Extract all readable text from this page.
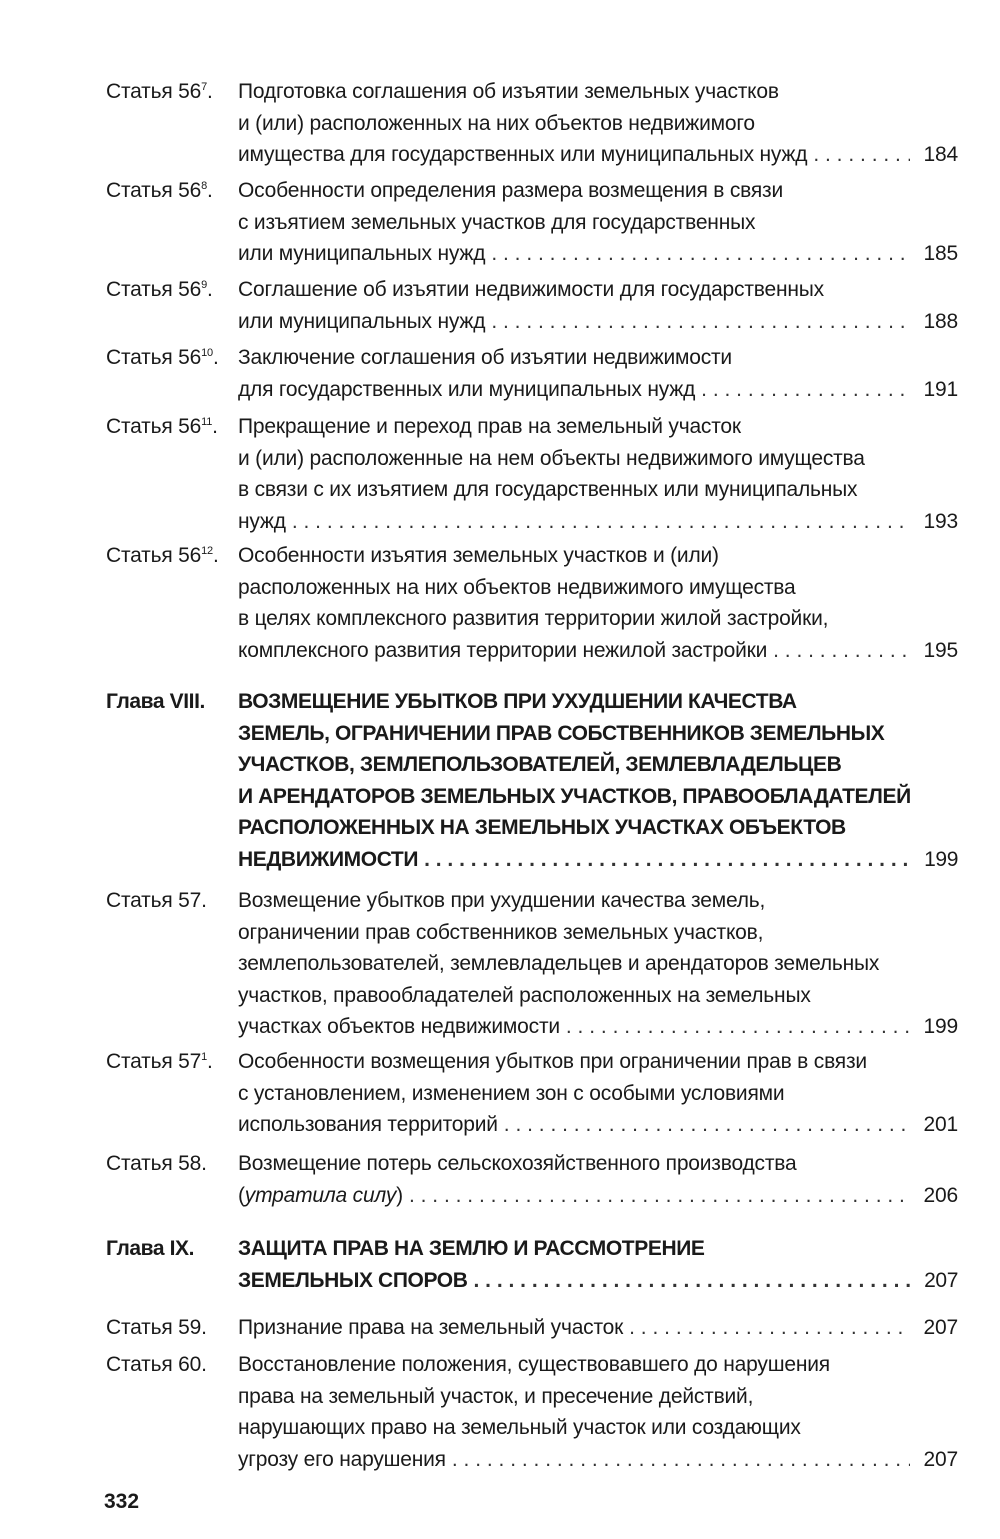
Статья $56^7$.	Подготовка соглашения об изъятии земельных участков
и (или) расположенных на них объектов недвижимого
имущества для государственных или муниципальных нужд . . .	184
Статья $56^8$.	Особенности определения размера возмещения в связи
с изъятием земельных участков для государственных
или муниципальных нужд . . .	185
Статья $56^9$.	Соглашение об изъятии недвижимости для государственных
или муниципальных нужд . . .	188
Статья $56^{10}$. Заключение соглашения об изъятии недвижимости
для государственных или муниципальных нужд . . .	191
Статья $56^{11}$. Прекращение и переход прав на земельный участок
и (или) расположенные на нем объекты недвижимого имущества
в связи с их изъятием для государственных или муниципальных
нужд . . .	193
Статья $56^{12}$. Особенности изъятия земельных участков и (или)
расположенных на них объектов недвижимого имущества
в целях комплексного развития территории жилой застройки,
комплексного развития территории нежилой застройки . . .	195
Глава VIII.	ВОЗМЕЩЕНИЕ УБЫТКОВ ПРИ УХУДШЕНИИ КАЧЕСТВА
ЗЕМЕЛЬ, ОГРАНИЧЕНИИ ПРАВ СОБСТВЕННИКОВ ЗЕМЕЛЬНЫХ
УЧАСТКОВ, ЗЕМЛЕПОЛЬЗОВАТЕЛЕЙ, ЗЕМЛЕВЛАДЕЛЬЦЕВ
И АРЕНДАТОРОВ ЗЕМЕЛЬНЫХ УЧАСТКОВ, ПРАВООБЛАДАТЕЛЕЙ
РАСПОЛОЖЕННЫХ НА ЗЕМЕЛЬНЫХ УЧАСТКАХ ОБЪЕКТОВ
НЕДВИЖИМОСТИ . . .	199
Статья 57.	Возмещение убытков при ухудшении качества земель,
ограничении прав собственников земельных участков,
землепользователей, землевладельцев и арендаторов земельных
участков, правообладателей расположенных на земельных
участках объектов недвижимости . . .	199
Статья $57^1$.	Особенности возмещения убытков при ограничении прав в связи
с установлением, изменением зон с особыми условиями
использования территорий . . .	201
Статья 58.	Возмещение потерь сельскохозяйственного производства
(утратила силу) . . .	206
Глава IX.	ЗАЩИТА ПРАВ НА ЗЕМЛЮ И РАССМОТРЕНИЕ
ЗЕМЕЛЬНЫХ СПОРОВ . . .	207
Статья 59.	Признание права на земельный участок . . .	207
Статья 60.	Восстановление положения, существовавшего до нарушения
права на земельный участок, и пресечение действий,
нарушающих право на земельный участок или создающих
угрозу его нарушения . . .	207
332
